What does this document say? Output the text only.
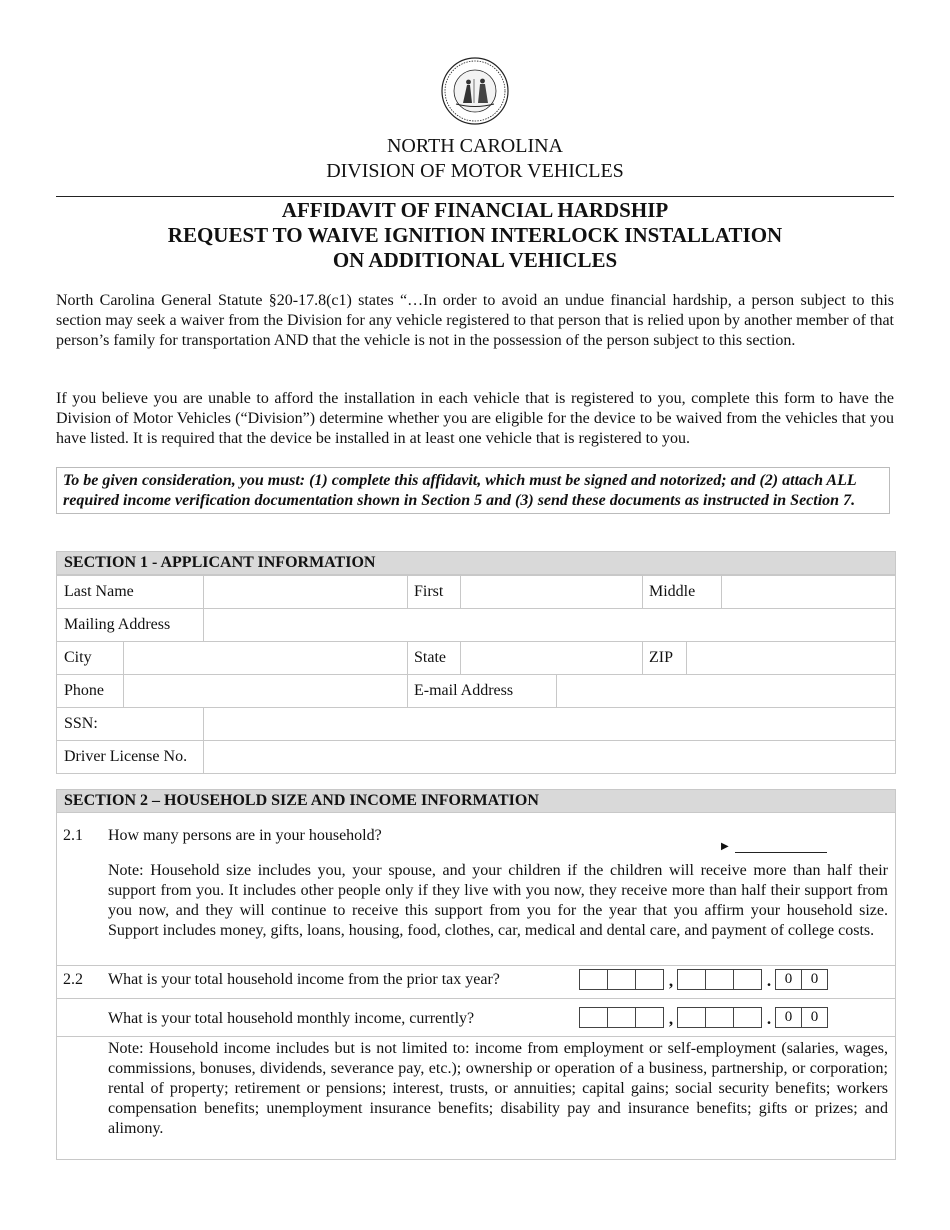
NORTH CAROLINA
DIVISION OF MOTOR VEHICLES
AFFIDAVIT OF FINANCIAL HARDSHIP
REQUEST TO WAIVE IGNITION INTERLOCK INSTALLATION
ON ADDITIONAL VEHICLES
North Carolina General Statute §20-17.8(c1) states “…In order to avoid an undue financial hardship, a person subject to this section may seek a waiver from the Division for any vehicle registered to that person that is relied upon by another member of that person’s family for transportation AND that the vehicle is not in the possession of the person subject to this section.
If you believe you are unable to afford the installation in each vehicle that is registered to you, complete this form to have the Division of Motor Vehicles (“Division”) determine whether you are eligible for the device to be waived from the vehicles that you have listed. It is required that the device be installed in at least one vehicle that is registered to you.
To be given consideration, you must: (1) complete this affidavit, which must be signed and notorized; and (2) attach ALL required income verification documentation shown in Section 5 and (3) send these documents as instructed in Section 7.
SECTION 1 - APPLICANT INFORMATION
Last Name	First	Middle
Mailing Address
City	State	ZIP
Phone	E-mail Address
SSN:
Driver License No.
SECTION 2 – HOUSEHOLD SIZE AND INCOME INFORMATION
2.1 How many persons are in your household?
▶
Note: Household size includes you, your spouse, and your children if the children will receive more than half their support from you. It includes other people only if they live with you now, they receive more than half their support from you now, and they will continue to receive this support from you for the year that you affirm your household size. Support includes money, gifts, loans, housing, food, clothes, car, medical and dental care, and payment of college costs.
2.2 What is your total household income from the prior tax year?	,	. 0	0
What is your total household monthly income, currently?	,	. 0	0
Note: Household income includes but is not limited to: income from employment or self-employment (salaries, wages, commissions, bonuses, dividends, severance pay, etc.); ownership or operation of a business, partnership, or corporation; rental of property; retirement or pensions; interest, trusts, or annuities; capital gains; social security benefits; workers compensation benefits; unemployment insurance benefits; disability pay and insurance benefits; gifts or prizes; and alimony.
